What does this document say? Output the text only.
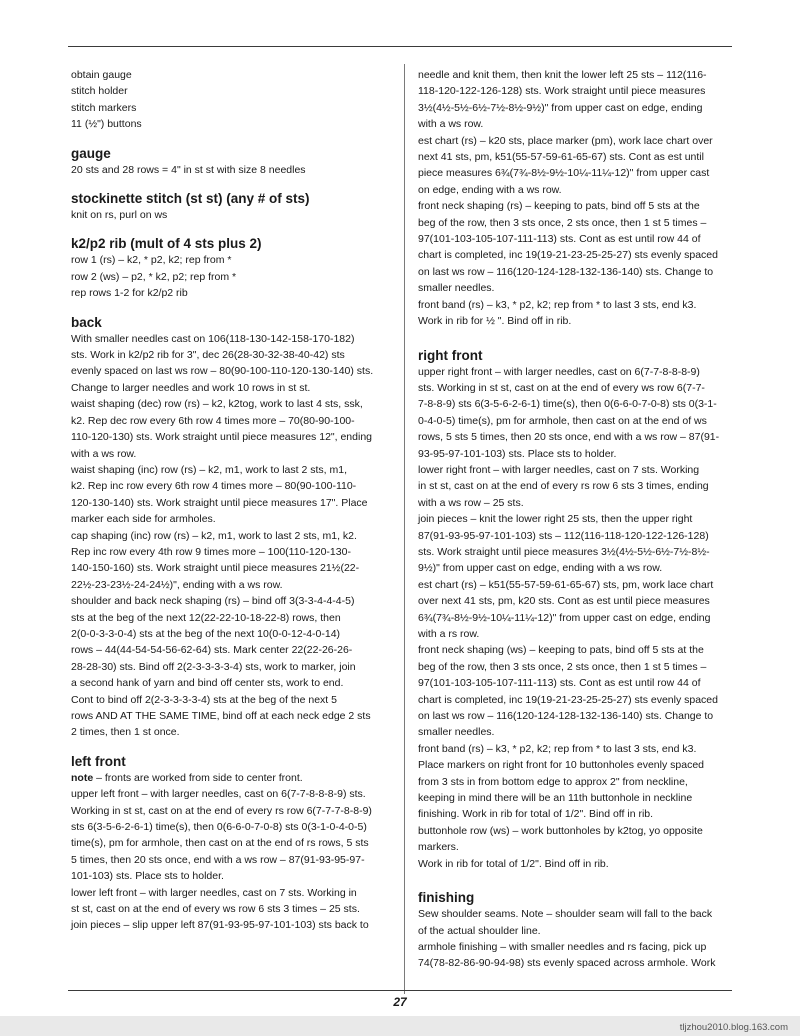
obtain gauge
stitch holder
stitch markers
11 (½") buttons
gauge
20 sts and 28 rows = 4" in st st with size 8 needles
stockinette stitch (st st) (any # of sts)
knit on rs, purl on ws
k2/p2 rib (mult of 4 sts plus 2)
row 1 (rs) – k2, * p2, k2; rep from *
row 2 (ws) – p2, * k2, p2; rep from *
rep rows 1-2 for k2/p2 rib
back
With smaller needles cast on 106(118-130-142-158-170-182)
sts. Work in k2/p2 rib for 3", dec 26(28-30-32-38-40-42) sts
evenly spaced on last ws row – 80(90-100-110-120-130-140) sts.
Change to larger needles and work 10 rows in st st.
waist shaping (dec) row (rs) – k2, k2tog, work to last 4 sts, ssk,
k2. Rep dec row every 6th row 4 times more – 70(80-90-100-
110-120-130) sts. Work straight until piece measures 12", ending
with a ws row.
waist shaping (inc) row (rs) – k2, m1, work to last 2 sts, m1,
k2. Rep inc row every 6th row 4 times more – 80(90-100-110-
120-130-140) sts. Work straight until piece measures 17". Place
marker each side for armholes.
cap shaping (inc) row (rs) – k2, m1, work to last 2 sts, m1, k2.
Rep inc row every 4th row 9 times more – 100(110-120-130-
140-150-160) sts. Work straight until piece measures 21½(22-
22½-23-23½-24-24½)", ending with a ws row.
shoulder and back neck shaping (rs) – bind off 3(3-3-4-4-4-5)
sts at the beg of the next 12(22-22-10-18-22-8) rows, then
2(0-0-3-3-0-4) sts at the beg of the next 10(0-0-12-4-0-14)
rows – 44(44-54-54-56-62-64) sts. Mark center 22(22-26-26-
28-28-30) sts. Bind off 2(2-3-3-3-3-4) sts, work to marker, join
a second hank of yarn and bind off center sts, work to end.
Cont to bind off 2(2-3-3-3-3-4) sts at the beg of the next 5
rows AND AT THE SAME TIME, bind off at each neck edge 2 sts
2 times, then 1 st once.
left front
note – fronts are worked from side to center front.
upper left front – with larger needles, cast on 6(7-7-8-8-8-9) sts.
Working in st st, cast on at the end of every rs row 6(7-7-7-8-8-9)
sts 6(3-5-6-2-6-1) time(s), then 0(6-6-0-7-0-8) sts 0(3-1-0-4-0-5)
time(s), pm for armhole, then cast on at the end of rs rows, 5 sts
5 times, then 20 sts once, end with a ws row – 87(91-93-95-97-
101-103) sts. Place sts to holder.
lower left front – with larger needles, cast on 7 sts. Working in
st st, cast on at the end of every ws row 6 sts 3 times – 25 sts.
join pieces – slip upper left 87(91-93-95-97-101-103) sts back to
needle and knit them, then knit the lower left 25 sts – 112(116-
118-120-122-126-128) sts. Work straight until piece measures
3½(4½-5½-6½-7½-8½-9½)" from upper cast on edge, ending
with a ws row.
est chart (rs) – k20 sts, place marker (pm), work lace chart over
next 41 sts, pm, k51(55-57-59-61-65-67) sts. Cont as est until
piece measures 6¾(7¾-8½-9½-10¼-11¼-12)" from upper cast
on edge, ending with a ws row.
front neck shaping (rs) – keeping to pats, bind off 5 sts at the
beg of the row, then 3 sts once, 2 sts once, then 1 st 5 times –
97(101-103-105-107-111-113) sts. Cont as est until row 44 of
chart is completed, inc 19(19-21-23-25-25-27) sts evenly spaced
on last ws row – 116(120-124-128-132-136-140) sts. Change to
smaller needles.
front band (rs) – k3, * p2, k2; rep from * to last 3 sts, end k3.
Work in rib for ½ ". Bind off in rib.
right front
upper right front – with larger needles, cast on 6(7-7-8-8-8-9)
sts. Working in st st, cast on at the end of every ws row 6(7-7-
7-8-8-9) sts 6(3-5-6-2-6-1) time(s), then 0(6-6-0-7-0-8) sts 0(3-1-
0-4-0-5) time(s), pm for armhole, then cast on at the end of ws
rows, 5 sts 5 times, then 20 sts once, end with a ws row – 87(91-
93-95-97-101-103) sts. Place sts to holder.
lower right front – with larger needles, cast on 7 sts. Working
in st st, cast on at the end of every rs row 6 sts 3 times, ending
with a ws row – 25 sts.
join pieces – knit the lower right 25 sts, then the upper right
87(91-93-95-97-101-103) sts – 112(116-118-120-122-126-128)
sts. Work straight until piece measures 3½(4½-5½-6½-7½-8½-
9½)" from upper cast on edge, ending with a ws row.
est chart (rs) – k51(55-57-59-61-65-67) sts, pm, work lace chart
over next 41 sts, pm, k20 sts. Cont as est until piece measures
6¾(7¾-8½-9½-10¼-11¼-12)" from upper cast on edge, ending
with a rs row.
front neck shaping (ws) – keeping to pats, bind off 5 sts at the
beg of the row, then 3 sts once, 2 sts once, then 1 st 5 times –
97(101-103-105-107-111-113) sts. Cont as est until row 44 of
chart is completed, inc 19(19-21-23-25-25-27) sts evenly spaced
on last ws row – 116(120-124-128-132-136-140) sts. Change to
smaller needles.
front band (rs) – k3, * p2, k2; rep from * to last 3 sts, end k3.
Place markers on right front for 10 buttonholes evenly spaced
from 3 sts in from bottom edge to approx 2" from neckline,
keeping in mind there will be an 11th buttonhole in neckline
finishing. Work in rib for total of 1/2". Bind off in rib.
buttonhole row (ws) – work buttonholes by k2tog, yo opposite
markers.
Work in rib for total of 1/2". Bind off in rib.
finishing
Sew shoulder seams. Note – shoulder seam will fall to the back
of the actual shoulder line.
armhole finishing – with smaller needles and rs facing, pick up
74(78-82-86-90-94-98) sts evenly spaced across armhole. Work
27
tljzhou2010.blog.163.com
